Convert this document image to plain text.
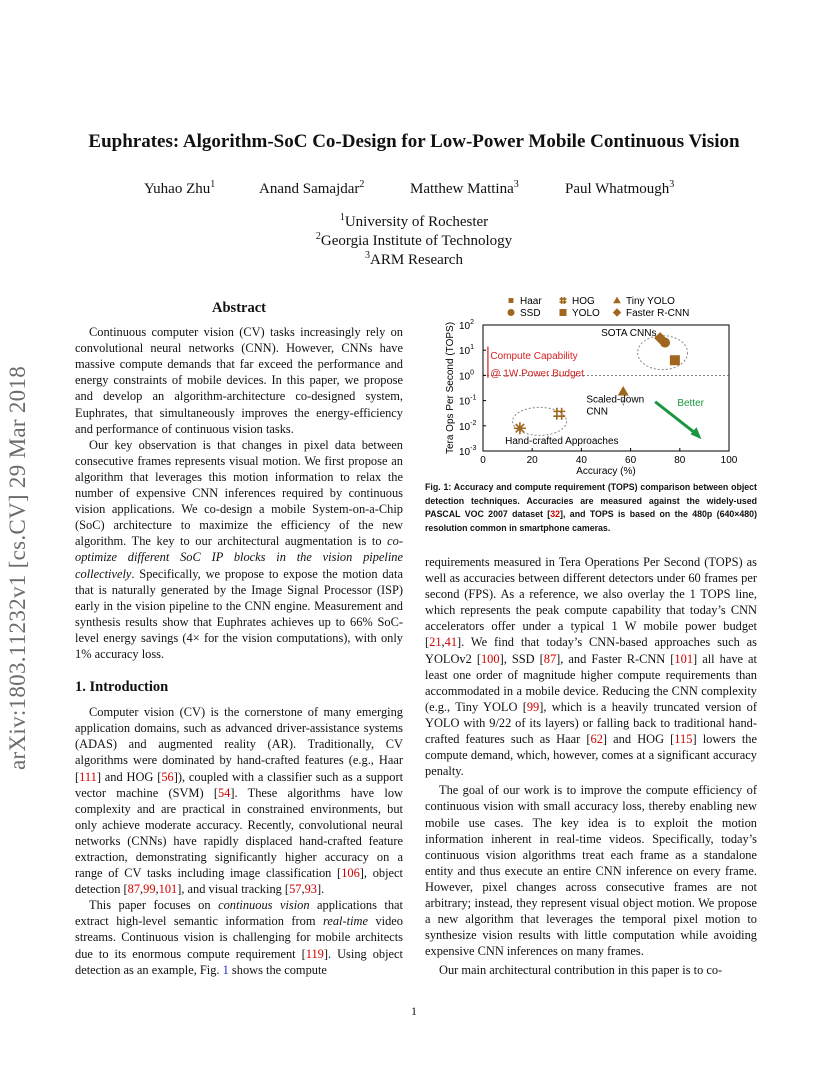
Euphrates: Algorithm-SoC Co-Design for Low-Power Mobile Continuous Vision
Yuhao Zhu$^1$	Anand Samajdar$^2$	Matthew Mattina$^3$	Paul Whatmough$^3$
$^1$University of Rochester
$^2$Georgia Institute of Technology
$^3$ARM Research
arXiv:1803.11232v1 [cs.CV] 29 Mar 2018
Abstract

Continuous computer vision (CV) tasks increasingly rely on convolutional neural networks (CNN). However, CNNs have massive compute demands that far exceed the performance and energy constraints of mobile devices. In this paper, we propose and develop an algorithm-architecture co-designed system, Euphrates, that simultaneously improves the energy-efficiency and performance of continuous vision tasks.

Our key observation is that changes in pixel data between consecutive frames represents visual motion. We first propose an algorithm that leverages this motion information to relax the number of expensive CNN inferences required by continuous vision applications. We co-design a mobile System-on-a-Chip (SoC) architecture to maximize the efficiency of the new algorithm. The key to our architectural augmentation is to co-optimize different SoC IP blocks in the vision pipeline collectively. Specifically, we propose to expose the motion data that is naturally generated by the Image Signal Processor (ISP) early in the vision pipeline to the CNN engine. Measurement and synthesis results show that Euphrates achieves up to 66% SoC-level energy savings (4× for the vision computations), with only 1% accuracy loss.

1. Introduction

Computer vision (CV) is the cornerstone of many emerging application domains, such as advanced driver-assistance systems (ADAS) and augmented reality (AR). Traditionally, CV algorithms were dominated by hand-crafted features (e.g., Haar [111] and HOG [56]), coupled with a classifier such as a support vector machine (SVM) [54]. These algorithms have low complexity and are practical in constrained environments, but only achieve moderate accuracy. Recently, convolutional neural networks (CNNs) have rapidly displaced hand-crafted feature extraction, demonstrating significantly higher accuracy on a range of CV tasks including image classification [106], object detection [87,99,101], and visual tracking [57,93].

This paper focuses on continuous vision applications that extract high-level semantic information from real-time video streams. Continuous vision is challenging for mobile architects due to its enormous compute requirement [119]. Using object detection as an example, Fig. 1 shows the compute

0	20	40	60	80	100
$10^{-3}$
$10^{-2}$
$10^{-1}$
$10^0$
$10^1$
$10^2$
Accuracy (%)
Tera Ops Per Second (TOPS)
Haar	HOG	Tiny YOLO
SSD	YOLO	Faster R-CNN
SOTA CNNs
Compute Capability
@ 1W Power Budget
Scaled-down
CNN
Hand-crafted Approaches
Better
Fig. 1: Accuracy and compute requirement (TOPS) comparison between object detection techniques. Accuracies are measured against the widely-used PASCAL VOC 2007 dataset [32], and TOPS is based on the 480p (640×480) resolution common in smartphone cameras.

requirements measured in Tera Operations Per Second (TOPS) as well as accuracies between different detectors under 60 frames per second (FPS). As a reference, we also overlay the 1 TOPS line, which represents the peak compute capability that today’s CNN accelerators offer under a typical 1 W mobile power budget [21,41]. We find that today’s CNN-based approaches such as YOLOv2 [100], SSD [87], and Faster R-CNN [101] all have at least one order of magnitude higher compute requirements than accommodated in a mobile device. Reducing the CNN complexity (e.g., Tiny YOLO [99], which is a heavily truncated version of YOLO with 9/22 of its layers) or falling back to traditional hand-crafted features such as Haar [62] and HOG [115] lowers the compute demand, which, however, comes at a significant accuracy penalty.

The goal of our work is to improve the compute efficiency of continuous vision with small accuracy loss, thereby enabling new mobile use cases. The key idea is to exploit the motion information inherent in real-time videos. Specifically, today’s continuous vision algorithms treat each frame as a standalone entity and thus execute an entire CNN inference on every frame. However, pixel changes across consecutive frames are not arbitrary; instead, they represent visual object motion. We propose a new algorithm that leverages the temporal pixel motion to synthesize vision results with little computation while avoiding expensive CNN inferences on many frames.

Our main architectural contribution in this paper is to co-

1
